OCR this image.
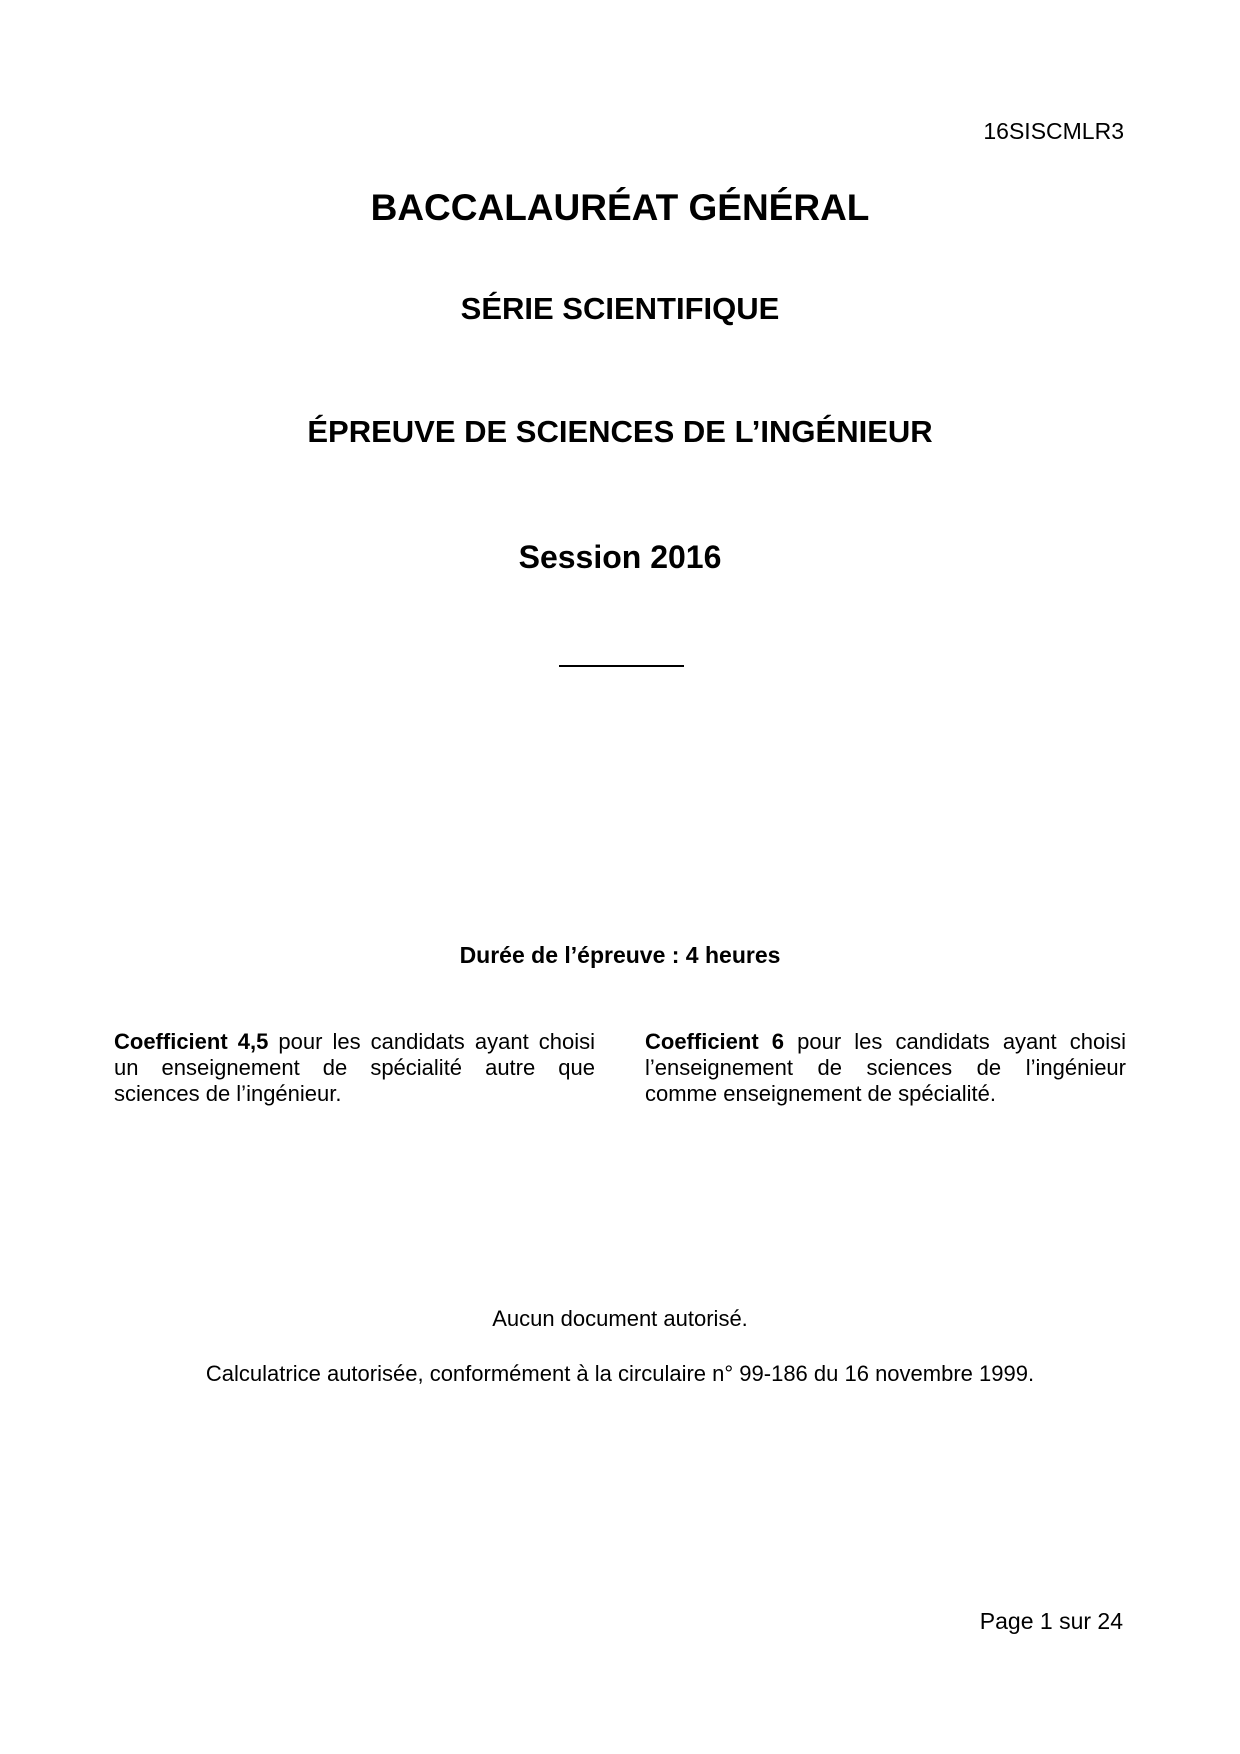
16SISCMLR3
BACCALAURÉAT GÉNÉRAL
SÉRIE SCIENTIFIQUE
ÉPREUVE DE SCIENCES DE L’INGÉNIEUR
Session 2016
Durée de l’épreuve : 4 heures
Coefficient 4,5 pour les candidats ayant choisi un enseignement de spécialité autre que sciences de l’ingénieur.
Coefficient 6 pour les candidats ayant choisi l’enseignement de sciences de l’ingénieur comme enseignement de spécialité.
Aucun document autorisé.
Calculatrice autorisée, conformément à la circulaire n° 99-186 du 16 novembre 1999.
Page 1 sur 24
